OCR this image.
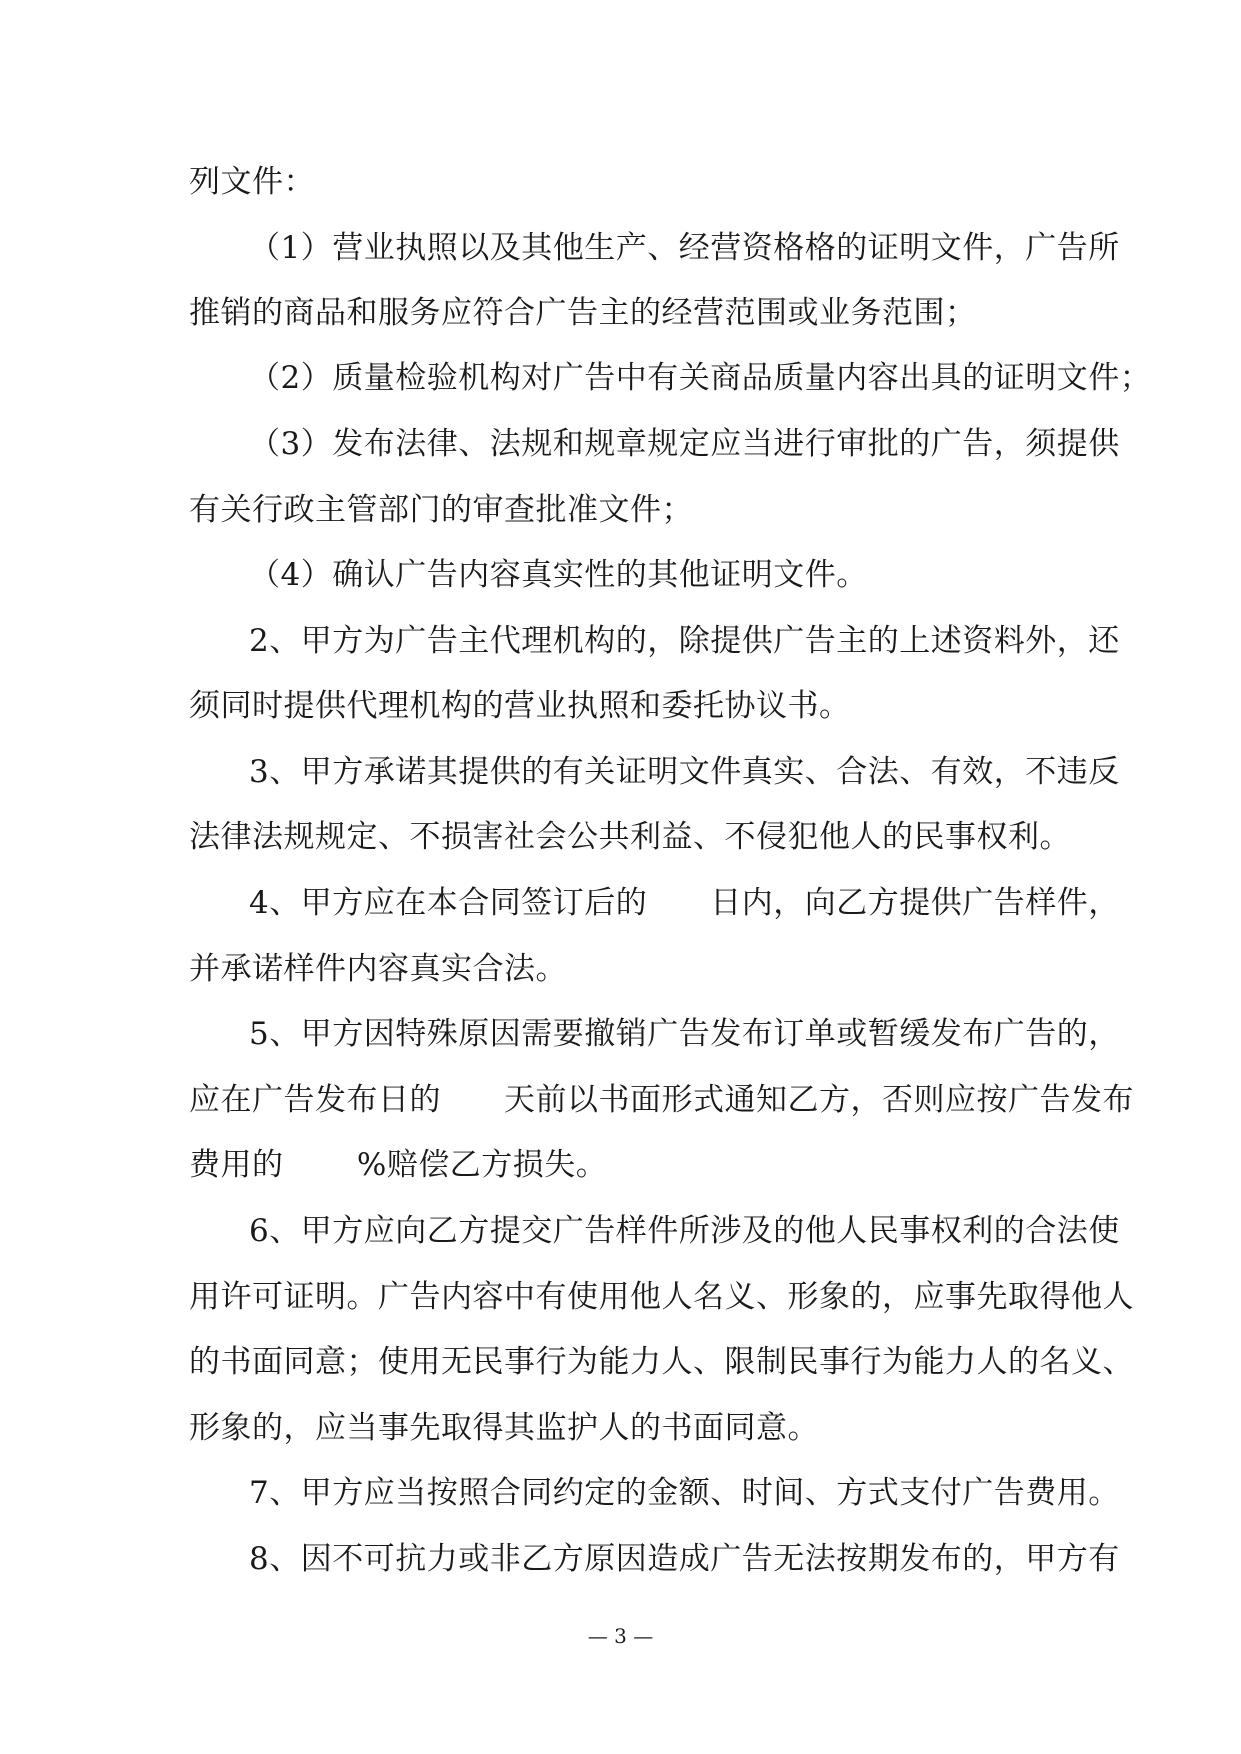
列文件：
（1）营业执照以及其他生产、经营资格格的证明文件，广告所
推销的商品和服务应符合广告主的经营范围或业务范围；
（2）质量检验机构对广告中有关商品质量内容出具的证明文件；
（3）发布法律、法规和规章规定应当进行审批的广告，须提供
有关行政主管部门的审查批准文件；
（4）确认广告内容真实性的其他证明文件。
2、甲方为广告主代理机构的，除提供广告主的上述资料外，还
须同时提供代理机构的营业执照和委托协议书。
3、甲方承诺其提供的有关证明文件真实、合法、有效，不违反
法律法规规定、不损害社会公共利益、不侵犯他人的民事权利。
4、甲方应在本合同签订后的　　日内，向乙方提供广告样件，
并承诺样件内容真实合法。
5、甲方因特殊原因需要撤销广告发布订单或暂缓发布广告的，
应在广告发布日的　　天前以书面形式通知乙方，否则应按广告发布
费用的　　 %赔偿乙方损失。
6、甲方应向乙方提交广告样件所涉及的他人民事权利的合法使
用许可证明。广告内容中有使用他人名义、形象的，应事先取得他人
的书面同意；使用无民事行为能力人、限制民事行为能力人的名义、
形象的，应当事先取得其监护人的书面同意。
7、甲方应当按照合同约定的金额、时间、方式支付广告费用。
8、因不可抗力或非乙方原因造成广告无法按期发布的，甲方有
— 3 —
